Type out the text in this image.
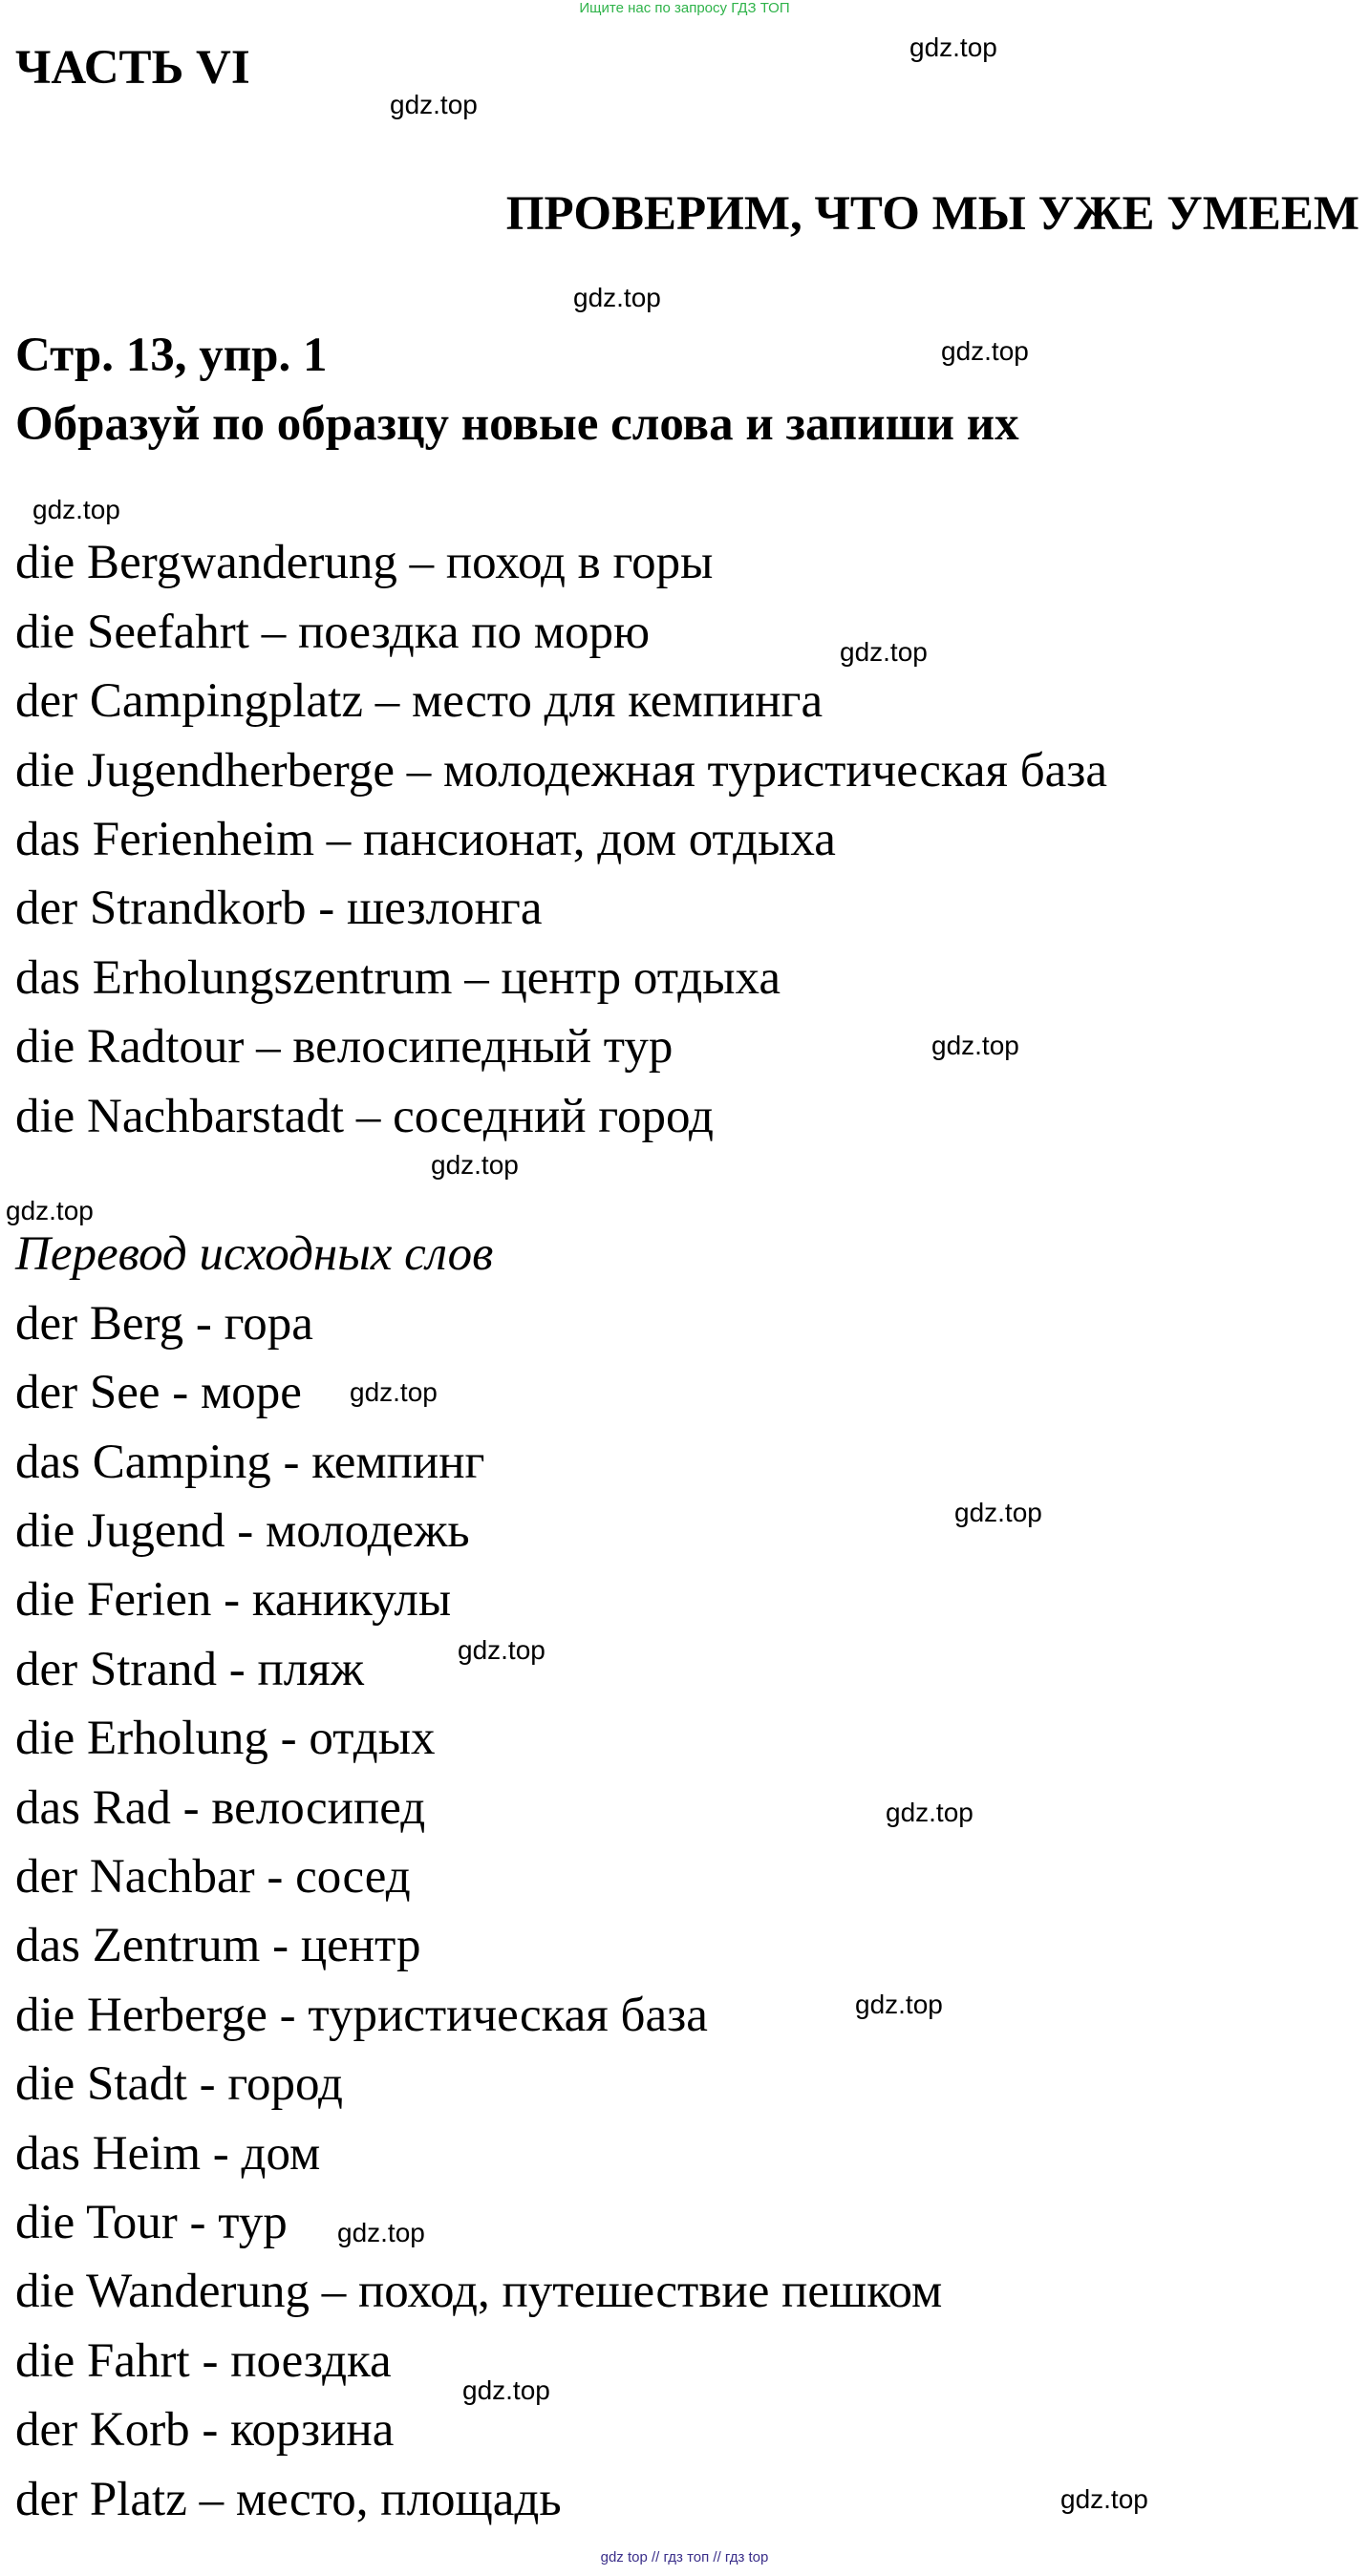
Ищите нас по запросу ГДЗ ТОП
ЧАСТЬ VI
ПРОВЕРИМ, ЧТО МЫ УЖЕ УМЕЕМ
Стр. 13, упр. 1
Образуй по образцу новые слова и запиши их
die Bergwanderung – поход в горы
die Seefahrt – поездка по морю
der Campingplatz – место для кемпинга
die Jugendherberge – молодежная туристическая база
das Ferienheim – пансионат, дом отдыха
der Strandkorb - шезлонга
das Erholungszentrum – центр отдыха
die Radtour – велосипедный тур
die Nachbarstadt – соседний город
Перевод исходных слов
der Berg - гора
der See - море
das Camping - кемпинг
die Jugend - молодежь
die Ferien - каникулы
der Strand - пляж
die Erholung - отдых
das Rad - велосипед
der Nachbar - сосед
das Zentrum - центр
die Herberge - туристическая база
die Stadt - город
das Heim - дом
die Tour - тур
die Wanderung – поход, путешествие пешком
die Fahrt - поездка
der Korb - корзина
der Platz – место, площадь
gdz.top
gdz.top
gdz.top
gdz.top
gdz.top
gdz.top
gdz.top
gdz.top
gdz.top
gdz.top
gdz.top
gdz.top
gdz.top
gdz.top
gdz.top
gdz.top
gdz.top
gdz top // гдз топ // гдз top
